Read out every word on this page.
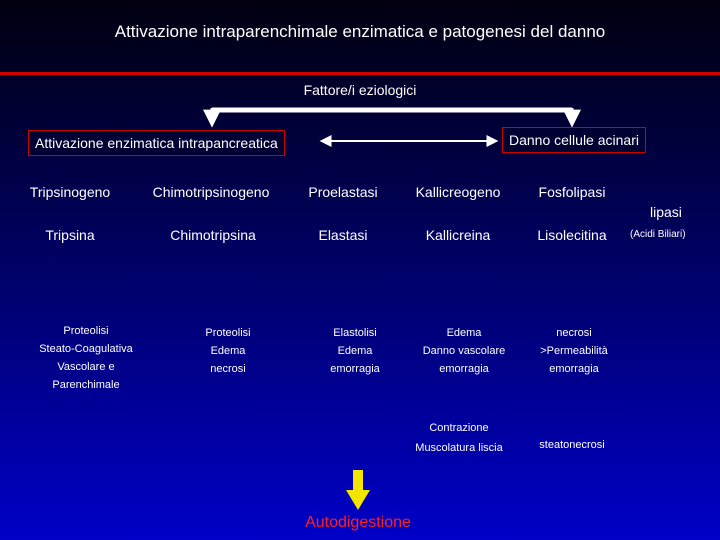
Attivazione intraparenchimale enzimatica e patogenesi del danno
Fattore/i eziologici
Attivazione enzimatica intrapancreatica	Danno cellule acinari
Tripsinogeno
Tripsina
Proteolisi
Steato-Coagulativa
Vascolare e
Parenchimale
Chimotripsinogeno
Chimotripsina
Proteolisi
Edema
necrosi
Proelastasi
Elastasi
Elastolisi
Edema
emorragia
Kallicreogeno
Kallicreina
Edema
Danno vascolare
emorragia
Contrazione
Muscolatura liscia
Fosfolipasi
Lisolecitina
necrosi
>Permeabilità
emorragia
steatonecrosi
lipasi
(Acidi Biliari)
Autodigestione
